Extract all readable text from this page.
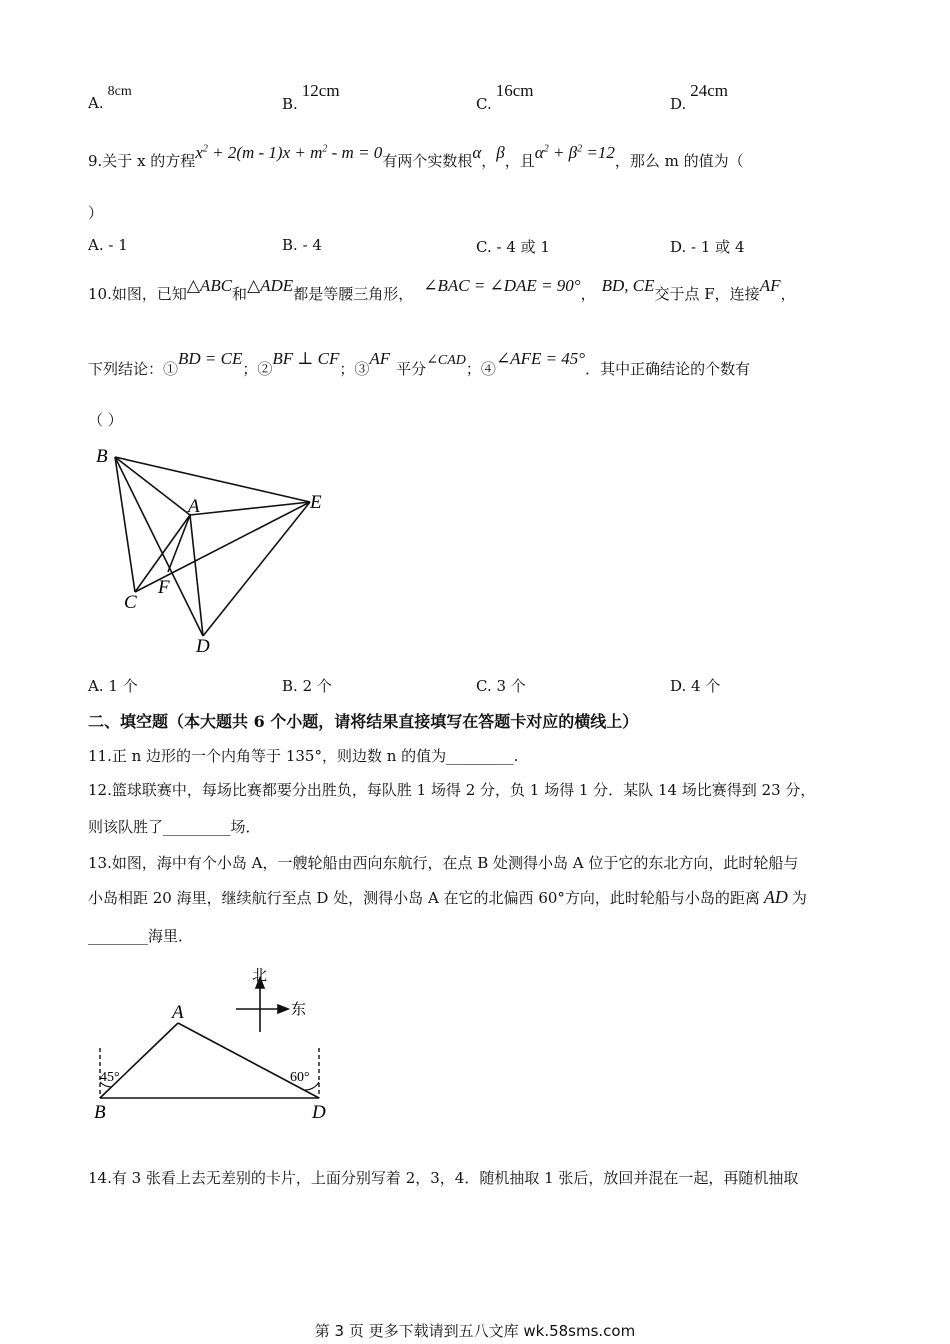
A.8cm
B.12cm
C.16cm
D.24cm
9.关于 x 的方程$x^2 + 2(m - 1)x + m^2 - m = 0$有两个实数根α，β，且$\alpha^2 + \beta^2 =12$，那么 m 的值为（
）
A. - 1	B. - 4	C. - 4 或 1	D. - 1 或 4
10.如图，已知△ABC和△ADE都是等腰三角形， ∠BAC = ∠DAE = 90°， BD, CE交于点 F，连接AF，
下列结论：①BD = CE；②BF ⊥ CF；③AF平分∠CAD；④∠AFE = 45°．其中正确结论的个数有
（ ）
B
A	E
C
F
D
A. 1 个	B. 2 个	C. 3 个	D. 4 个
二、填空题（本大题共 6 个小题，请将结果直接填写在答题卡对应的横线上）
11.正 n 边形的一个内角等于 135°，则边数 n 的值为_________.
12.篮球联赛中，每场比赛都要分出胜负，每队胜 1 场得 2 分，负 1 场得 1 分．某队 14 场比赛得到 23 分，
则该队胜了_________场．
13.如图，海中有个小岛 A，一艘轮船由西向东航行，在点 B 处测得小岛 A 位于它的东北方向，此时轮船与
小岛相距 20 海里，继续航行至点 D 处，测得小岛 A 在它的北偏西 60°方向，此时轮船与小岛的距离 AD 为
________海里．
北
东
45°	60°
A
B	D
14.有 3 张看上去无差别的卡片，上面分别写着 2，3，4．随机抽取 1 张后，放回并混在一起，再随机抽取
第 3 页 更多下载请到五八文库 wk.58sms.com
